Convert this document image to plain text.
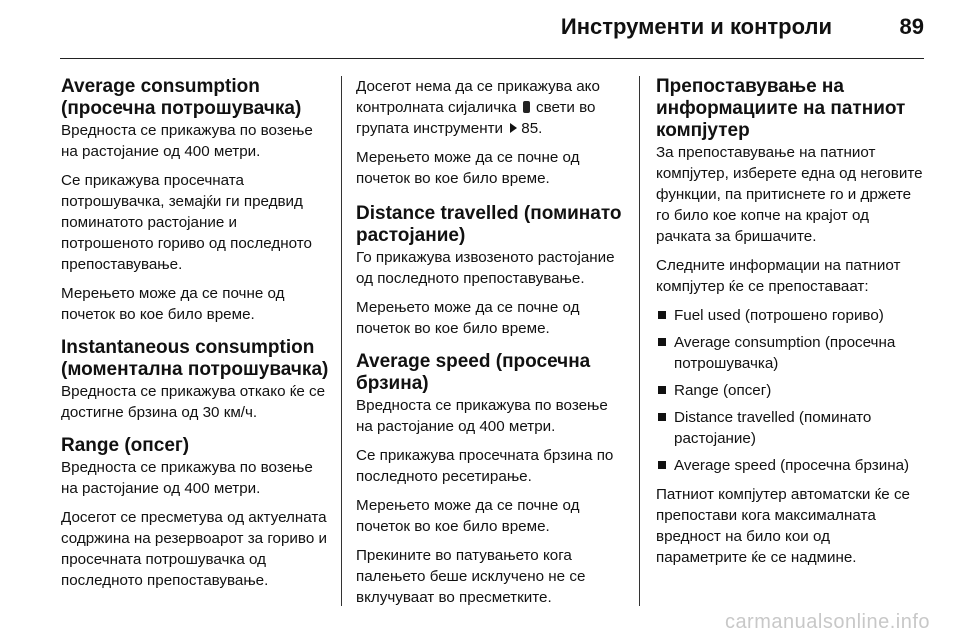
Инструменти и контроли	89
Average consumption
(просечна потрошувачка)

Вредноста се прикажува по возење на растојание од 400 метри.

Се прикажува просечната потрошувачка, земајќи ги предвид поминатото растојание и потрошеното гориво од последното препоставување.

Мерењето може да се почне од почеток во кое било време.

Instantaneous consumption
(моментална потрошувачка)

Вредноста се прикажува откако ќе се достигне брзина од 30 км/ч.

Range (опсег)

Вредноста се прикажува по возење на растојание од 400 метри.

Досегот се пресметува од актуелната содржина на резервоарот за гориво и просечната потрошувачка од последното препоставување.

Досегот нема да се прикажува ако контролната сијаличка свети во групата инструменти 85.

Мерењето може да се почне од почеток во кое било време.

Distance travelled (поминато растојание)

Го прикажува извозеното растојание од последното препоставување.

Мерењето може да се почне од почеток во кое било време.

Average speed (просечна брзина)

Вредноста се прикажува по возење на растојание од 400 метри.

Се прикажува просечната брзина по последното ресетирање.

Мерењето може да се почне од почеток во кое било време.

Прекините во патувањето кога палењето беше исклучено не се вклучуваат во пресметките.

Препоставување на информациите на патниот компјутер

За препоставување на патниот компјутер, изберете една од неговите функции, па притиснете го и држете го било кое копче на крајот од рачката за бришачите.

Следните информации на патниот компјутер ќе се препоставаат:

Fuel used (потрошено гориво)
Average consumption (просечна потрошувачка)
Range (опсег)
Distance travelled (поминато растојание)
Average speed (просечна брзина)

Патниот компјутер автоматски ќе се препостави кога максималната вредност на било кои од параметрите ќе се надмине.

carmanualsonline.info
